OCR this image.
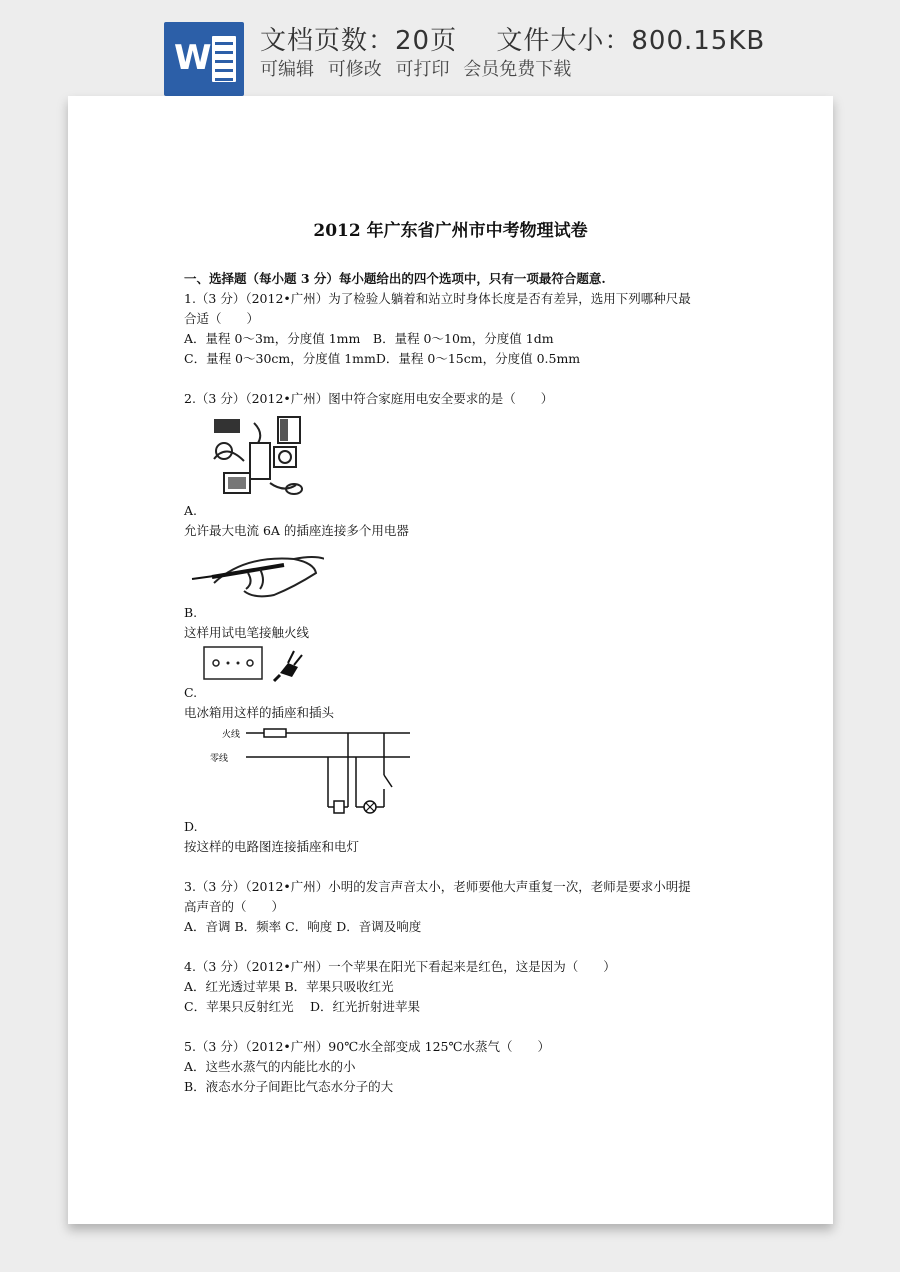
W 文档页数：20页 文件大小：800.15KB
可编辑 可修改 可打印 会员免费下载
2012 年广东省广州市中考物理试卷

一、选择题（每小题 3 分）每小题给出的四个选项中，只有一项最符合题意.

1.（3 分）（2012•广州）为了检验人躺着和站立时身体长度是否有差异，选用下列哪种尺最

合适（　　）

A．量程 0～3m，分度值 1mm　B．量程 0～10m，分度值 1dm

C．量程 0～30cm，分度值 1mmD．量程 0～15cm，分度值 0.5mm

2.（3 分）（2012•广州）图中符合家庭用电安全要求的是（　　）

A.

允许最大电流 6A 的插座连接多个用电器

B.

这样用试电笔接触火线

C.

电冰箱用这样的插座和插头

火线
零线

D.

按这样的电路图连接插座和电灯

3.（3 分）（2012•广州）小明的发言声音太小，老师要他大声重复一次，老师是要求小明提

高声音的（　　）

A．音调 B．频率 C．响度 D．音调及响度

4.（3 分）（2012•广州）一个苹果在阳光下看起来是红色，这是因为（　　）

A．红光透过苹果 B．苹果只吸收红光

C．苹果只反射红光　 D．红光折射进苹果

5.（3 分）（2012•广州）90℃水全部变成 125℃水蒸气（　　）

A．这些水蒸气的内能比水的小

B．液态水分子间距比气态水分子的大
